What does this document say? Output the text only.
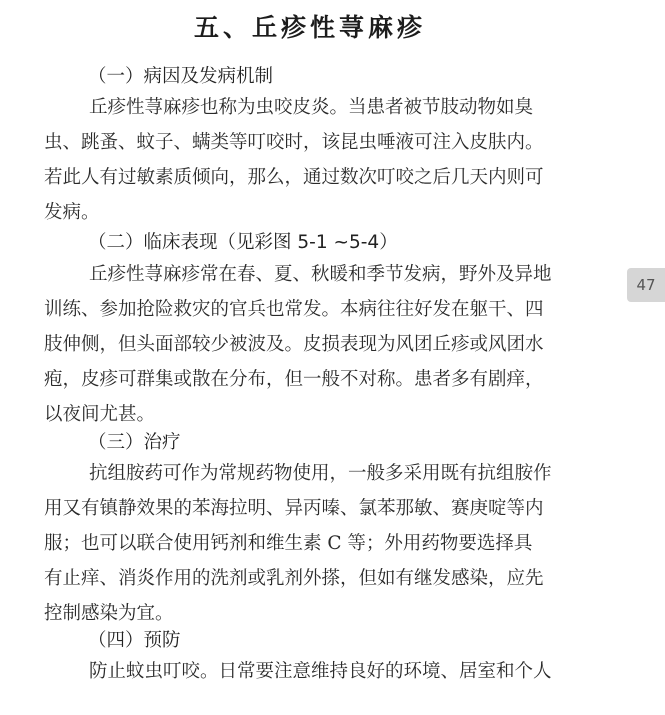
五、丘疹性荨麻疹
（一）病因及发病机制
丘疹性荨麻疹也称为虫咬皮炎。当患者被节肢动物如臭
虫、跳蚤、蚊子、螨类等叮咬时，该昆虫唾液可注入皮肤内。
若此人有过敏素质倾向，那么，通过数次叮咬之后几天内则可
发病。
（二）临床表现（见彩图 5-1 ~5-4）
丘疹性荨麻疹常在春、夏、秋暖和季节发病，野外及异地
训练、参加抢险救灾的官兵也常发。本病往往好发在躯干、四
肢伸侧，但头面部较少被波及。皮损表现为风团丘疹或风团水
疱，皮疹可群集或散在分布，但一般不对称。患者多有剧痒，
以夜间尤甚。
（三）治疗
抗组胺药可作为常规药物使用，一般多采用既有抗组胺作
用又有镇静效果的苯海拉明、异丙嗪、氯苯那敏、赛庚啶等内
服；也可以联合使用钙剂和维生素 C 等；外用药物要选择具
有止痒、消炎作用的洗剂或乳剂外搽，但如有继发感染，应先
控制感染为宜。
（四）预防
防止蚊虫叮咬。日常要注意维持良好的环境、居室和个人
47
